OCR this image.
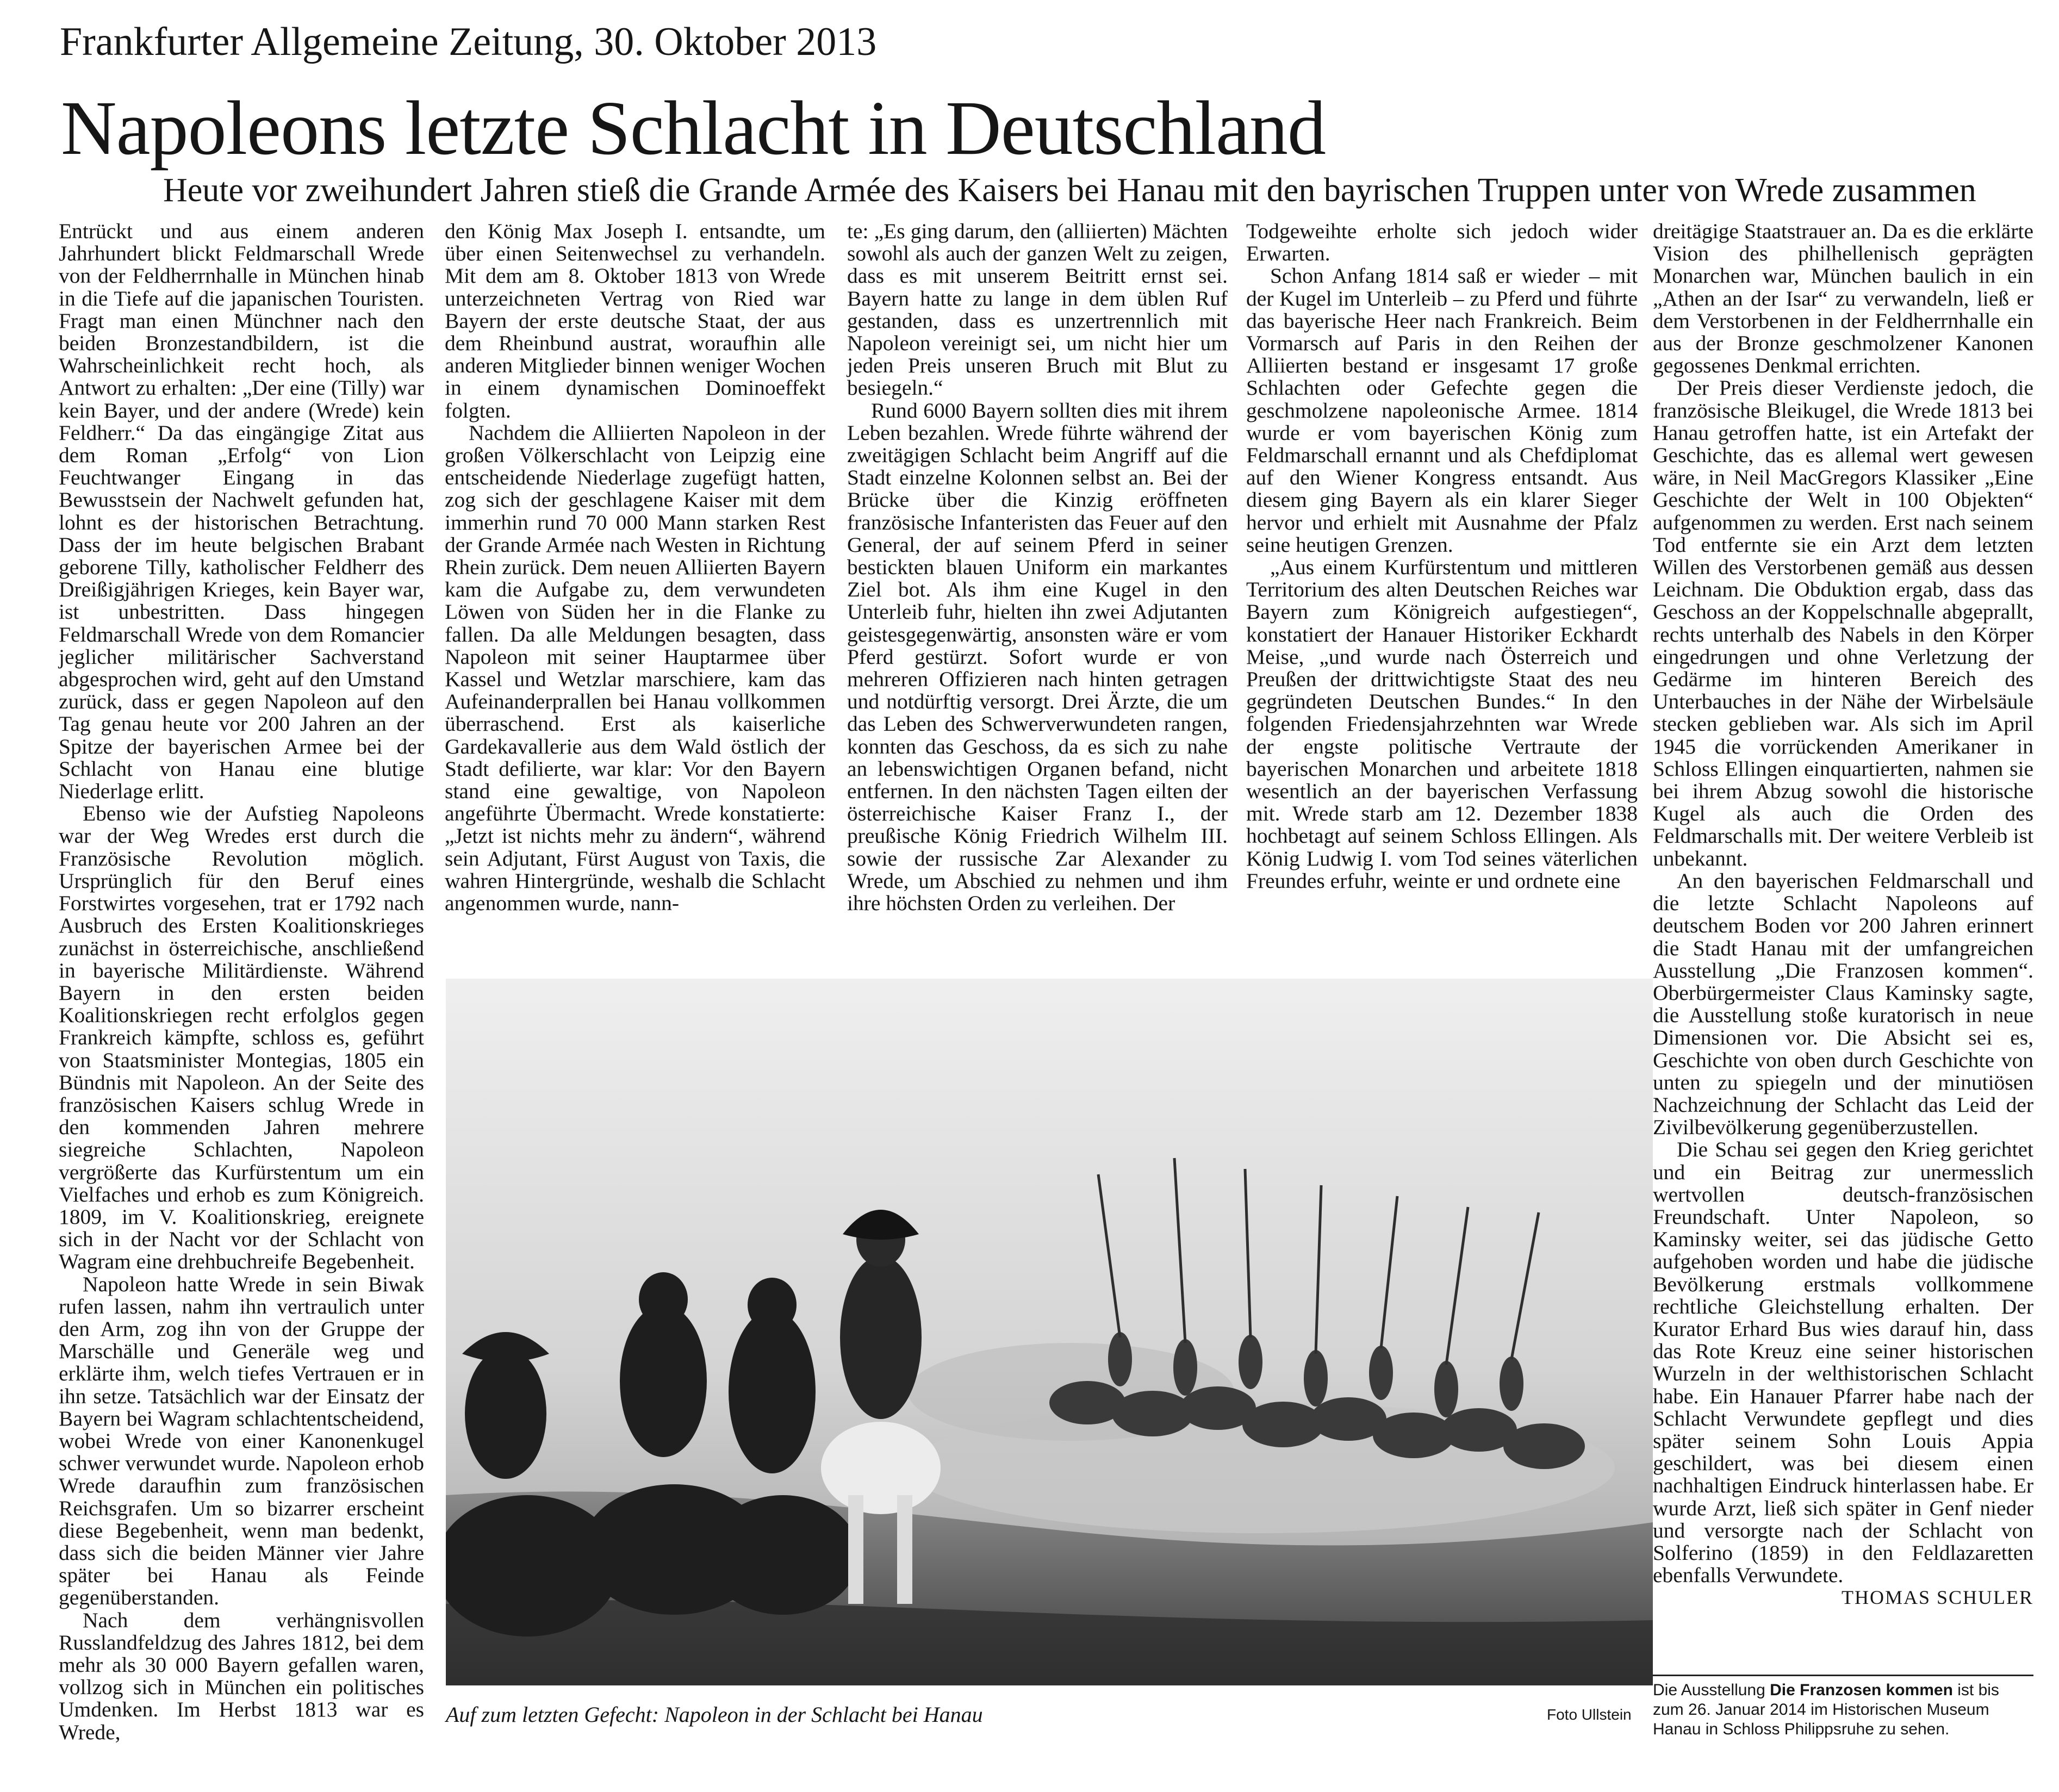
Frankfurter Allgemeine Zeitung, 30. Oktober 2013
Napoleons letzte Schlacht in Deutschland
Heute vor zweihundert Jahren stieß die Grande Armée des Kaisers bei Hanau mit den bayrischen Truppen unter von Wrede zusammen

Entrückt und aus einem anderen Jahrhundert blickt Feldmarschall Wrede von der Feldherrnhalle in München hinab in die Tiefe auf die japanischen Touristen. Fragt man einen Münchner nach den beiden Bronzestandbildern, ist die Wahrscheinlichkeit recht hoch, als Antwort zu erhalten: „Der eine (Tilly) war kein Bayer, und der andere (Wrede) kein Feldherr.“ Da das eingängige Zitat aus dem Roman „Erfolg“ von Lion Feuchtwanger Eingang in das Bewusstsein der Nachwelt gefunden hat, lohnt es der historischen Betrachtung. Dass der im heute belgischen Brabant geborene Tilly, katholischer Feldherr des Dreißigjährigen Krieges, kein Bayer war, ist unbestritten. Dass hingegen Feldmarschall Wrede von dem Romancier jeglicher militärischer Sachverstand abgesprochen wird, geht auf den Umstand zurück, dass er gegen Napoleon auf den Tag genau heute vor 200 Jahren an der Spitze der bayerischen Armee bei der Schlacht von Hanau eine blutige Niederlage erlitt.

Ebenso wie der Aufstieg Napoleons war der Weg Wredes erst durch die Französische Revolution möglich. Ursprünglich für den Beruf eines Forstwirtes vorgesehen, trat er 1792 nach Ausbruch des Ersten Koalitionskrieges zunächst in österreichische, anschließend in bayerische Militärdienste. Während Bayern in den ersten beiden Koalitionskriegen recht erfolglos gegen Frankreich kämpfte, schloss es, geführt von Staatsminister Montegias, 1805 ein Bündnis mit Napoleon. An der Seite des französischen Kaisers schlug Wrede in den kommenden Jahren mehrere siegreiche Schlachten, Napoleon vergrößerte das Kurfürstentum um ein Vielfaches und erhob es zum Königreich. 1809, im V. Koalitionskrieg, ereignete sich in der Nacht vor der Schlacht von Wagram eine drehbuchreife Begebenheit.

Napoleon hatte Wrede in sein Biwak rufen lassen, nahm ihn vertraulich unter den Arm, zog ihn von der Gruppe der Marschälle und Generäle weg und erklärte ihm, welch tiefes Vertrauen er in ihn setze. Tatsächlich war der Einsatz der Bayern bei Wagram schlachtentscheidend, wobei Wrede von einer Kanonenkugel schwer verwundet wurde. Napoleon erhob Wrede daraufhin zum französischen Reichsgrafen. Um so bizarrer erscheint diese Begebenheit, wenn man bedenkt, dass sich die beiden Männer vier Jahre später bei Hanau als Feinde gegenüberstanden.

Nach dem verhängnisvollen Russlandfeldzug des Jahres 1812, bei dem mehr als 30 000 Bayern gefallen waren, vollzog sich in München ein politisches Umdenken. Im Herbst 1813 war es Wrede,

den König Max Joseph I. entsandte, um über einen Seitenwechsel zu verhandeln. Mit dem am 8. Oktober 1813 von Wrede unterzeichneten Vertrag von Ried war Bayern der erste deutsche Staat, der aus dem Rheinbund austrat, woraufhin alle anderen Mitglieder binnen weniger Wochen in einem dynamischen Dominoeffekt folgten.

Nachdem die Alliierten Napoleon in der großen Völkerschlacht von Leipzig eine entscheidende Niederlage zugefügt hatten, zog sich der geschlagene Kaiser mit dem immerhin rund 70 000 Mann starken Rest der Grande Armée nach Westen in Richtung Rhein zurück. Dem neuen Alliierten Bayern kam die Aufgabe zu, dem verwundeten Löwen von Süden her in die Flanke zu fallen. Da alle Meldungen besagten, dass Napoleon mit seiner Hauptarmee über Kassel und Wetzlar marschiere, kam das Aufeinanderprallen bei Hanau vollkommen überraschend. Erst als kaiserliche Gardekavallerie aus dem Wald östlich der Stadt defilierte, war klar: Vor den Bayern stand eine gewaltige, von Napoleon angeführte Übermacht. Wrede konstatierte: „Jetzt ist nichts mehr zu ändern“, während sein Adjutant, Fürst August von Taxis, die wahren Hintergründe, weshalb die Schlacht angenommen wurde, nann-

te: „Es ging darum, den (alliierten) Mächten sowohl als auch der ganzen Welt zu zeigen, dass es mit unserem Beitritt ernst sei. Bayern hatte zu lange in dem üblen Ruf gestanden, dass es unzertrennlich mit Napoleon vereinigt sei, um nicht hier um jeden Preis unseren Bruch mit Blut zu besiegeln.“

Rund 6000 Bayern sollten dies mit ihrem Leben bezahlen. Wrede führte während der zweitägigen Schlacht beim Angriff auf die Stadt einzelne Kolonnen selbst an. Bei der Brücke über die Kinzig eröffneten französische Infanteristen das Feuer auf den General, der auf seinem Pferd in seiner bestickten blauen Uniform ein markantes Ziel bot. Als ihm eine Kugel in den Unterleib fuhr, hielten ihn zwei Adjutanten geistesgegenwärtig, ansonsten wäre er vom Pferd gestürzt. Sofort wurde er von mehreren Offizieren nach hinten getragen und notdürftig versorgt. Drei Ärzte, die um das Leben des Schwerverwundeten rangen, konnten das Geschoss, da es sich zu nahe an lebenswichtigen Organen befand, nicht entfernen. In den nächsten Tagen eilten der österreichische Kaiser Franz I., der preußische König Friedrich Wilhelm III. sowie der russische Zar Alexander zu Wrede, um Abschied zu nehmen und ihm ihre höchsten Orden zu verleihen. Der

Todgeweihte erholte sich jedoch wider Erwarten.

Schon Anfang 1814 saß er wieder – mit der Kugel im Unterleib – zu Pferd und führte das bayerische Heer nach Frankreich. Beim Vormarsch auf Paris in den Reihen der Alliierten bestand er insgesamt 17 große Schlachten oder Gefechte gegen die geschmolzene napoleonische Armee. 1814 wurde er vom bayerischen König zum Feldmarschall ernannt und als Chefdiplomat auf den Wiener Kongress entsandt. Aus diesem ging Bayern als ein klarer Sieger hervor und erhielt mit Ausnahme der Pfalz seine heutigen Grenzen.

„Aus einem Kurfürstentum und mittleren Territorium des alten Deutschen Reiches war Bayern zum Königreich aufgestiegen“, konstatiert der Hanauer Historiker Eckhardt Meise, „und wurde nach Österreich und Preußen der drittwichtigste Staat des neu gegründeten Deutschen Bundes.“ In den folgenden Friedensjahrzehnten war Wrede der engste politische Vertraute der bayerischen Monarchen und arbeitete 1818 wesentlich an der bayerischen Verfassung mit. Wrede starb am 12. Dezember 1838 hochbetagt auf seinem Schloss Ellingen. Als König Ludwig I. vom Tod seines väterlichen Freundes erfuhr, weinte er und ordnete eine

dreitägige Staatstrauer an. Da es die erklärte Vision des philhellenisch geprägten Monarchen war, München baulich in ein „Athen an der Isar“ zu verwandeln, ließ er dem Verstorbenen in der Feldherrnhalle ein aus der Bronze geschmolzener Kanonen gegossenes Denkmal errichten.

Der Preis dieser Verdienste jedoch, die französische Bleikugel, die Wrede 1813 bei Hanau getroffen hatte, ist ein Artefakt der Geschichte, das es allemal wert gewesen wäre, in Neil MacGregors Klassiker „Eine Geschichte der Welt in 100 Objekten“ aufgenommen zu werden. Erst nach seinem Tod entfernte sie ein Arzt dem letzten Willen des Verstorbenen gemäß aus dessen Leichnam. Die Obduktion ergab, dass das Geschoss an der Koppelschnalle abgeprallt, rechts unterhalb des Nabels in den Körper eingedrungen und ohne Verletzung der Gedärme im hinteren Bereich des Unterbauches in der Nähe der Wirbelsäule stecken geblieben war. Als sich im April 1945 die vorrückenden Amerikaner in Schloss Ellingen einquartierten, nahmen sie bei ihrem Abzug sowohl die historische Kugel als auch die Orden des Feldmarschalls mit. Der weitere Verbleib ist unbekannt.

An den bayerischen Feldmarschall und die letzte Schlacht Napoleons auf deutschem Boden vor 200 Jahren erinnert die Stadt Hanau mit der umfangreichen Ausstellung „Die Franzosen kommen“. Oberbürgermeister Claus Kaminsky sagte, die Ausstellung stoße kuratorisch in neue Dimensionen vor. Die Absicht sei es, Geschichte von oben durch Geschichte von unten zu spiegeln und der minutiösen Nachzeichnung der Schlacht das Leid der Zivilbevölkerung gegenüberzustellen.

Die Schau sei gegen den Krieg gerichtet und ein Beitrag zur unermesslich wertvollen deutsch-französischen Freundschaft. Unter Napoleon, so Kaminsky weiter, sei das jüdische Getto aufgehoben worden und habe die jüdische Bevölkerung erstmals vollkommene rechtliche Gleichstellung erhalten. Der Kurator Erhard Bus wies darauf hin, dass das Rote Kreuz eine seiner historischen Wurzeln in der welthistorischen Schlacht habe. Ein Hanauer Pfarrer habe nach der Schlacht Verwundete gepflegt und dies später seinem Sohn Louis Appia geschildert, was bei diesem einen nachhaltigen Eindruck hinterlassen habe. Er wurde Arzt, ließ sich später in Genf nieder und versorgte nach der Schlacht von Solferino (1859) in den Feldlazaretten ebenfalls Verwundete.

THOMAS SCHULER
Auf zum letzten Gefecht: Napoleon in der Schlacht bei Hanau	Foto Ullstein
Die Ausstellung Die Franzosen kommen ist bis zum 26. Januar 2014 im Historischen Museum Hanau in Schloss Philippsruhe zu sehen.
